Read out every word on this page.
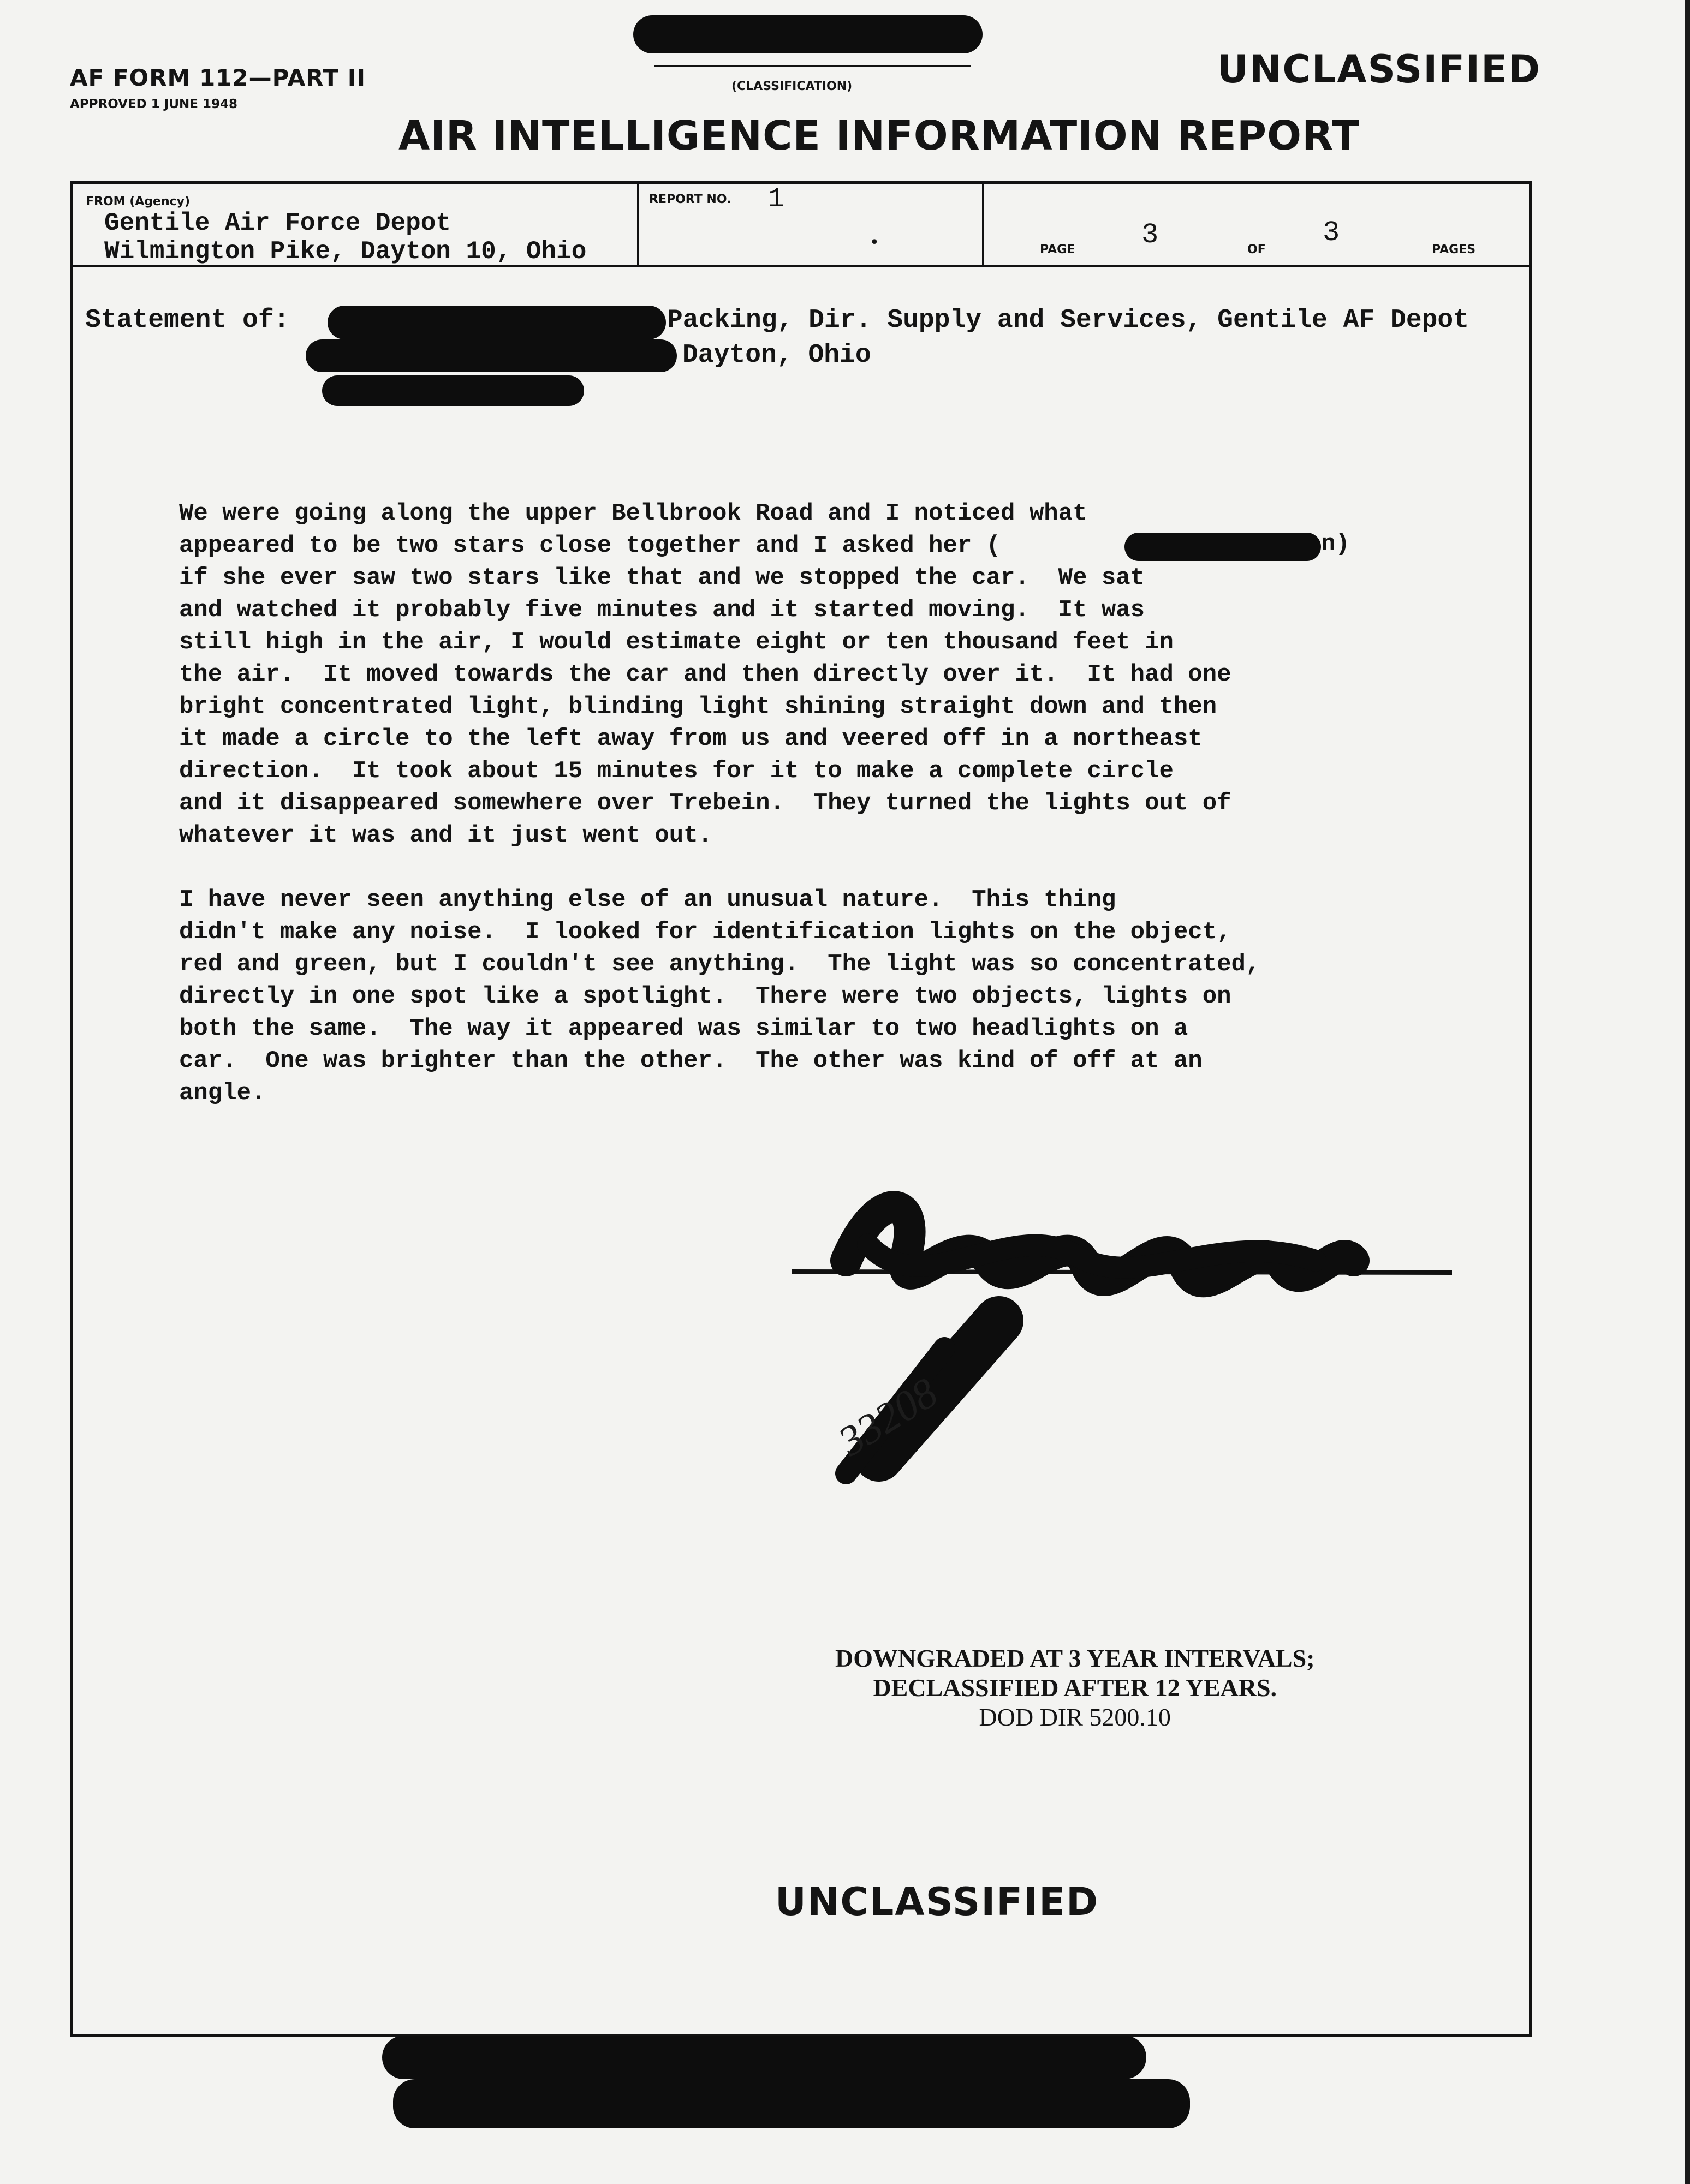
AF FORM 112—PART II
APPROVED 1 JUNE 1948
(CLASSIFICATION)	UNCLASSIFIED
AIR INTELLIGENCE INFORMATION REPORT
FROM (Agency)
Gentile Air Force Depot
Wilmington Pike, Dayton 10, Ohio
REPORT NO. 1
•	PAGE 3	OF
3
PAGES
Statement of:	Packing, Dir. Supply and Services, Gentile AF Depot
Dayton, Ohio

We were going along the upper Bellbrook Road and I noticed what

appeared to be two stars close together and I asked her (

if she ever saw two stars like that and we stopped the car.  We sat

and watched it probably five minutes and it started moving.  It was

still high in the air, I would estimate eight or ten thousand feet in

the air.  It moved towards the car and then directly over it.  It had one

bright concentrated light, blinding light shining straight down and then

it made a circle to the left away from us and veered off in a northeast

direction.  It took about 15 minutes for it to make a complete circle

and it disappeared somewhere over Trebein.  They turned the lights out of

whatever it was and it just went out.

n)

I have never seen anything else of an unusual nature.  This thing

didn't make any noise.  I looked for identification lights on the object,

red and green, but I couldn't see anything.  The light was so concentrated,

directly in one spot like a spotlight.  There were two objects, lights on

both the same.  The way it appeared was similar to two headlights on a

car.  One was brighter than the other.  The other was kind of off at an

angle.

33208
DOWNGRADED AT 3 YEAR INTERVALS;
DECLASSIFIED AFTER 12 YEARS.
DOD DIR 5200.10
UNCLASSIFIED
